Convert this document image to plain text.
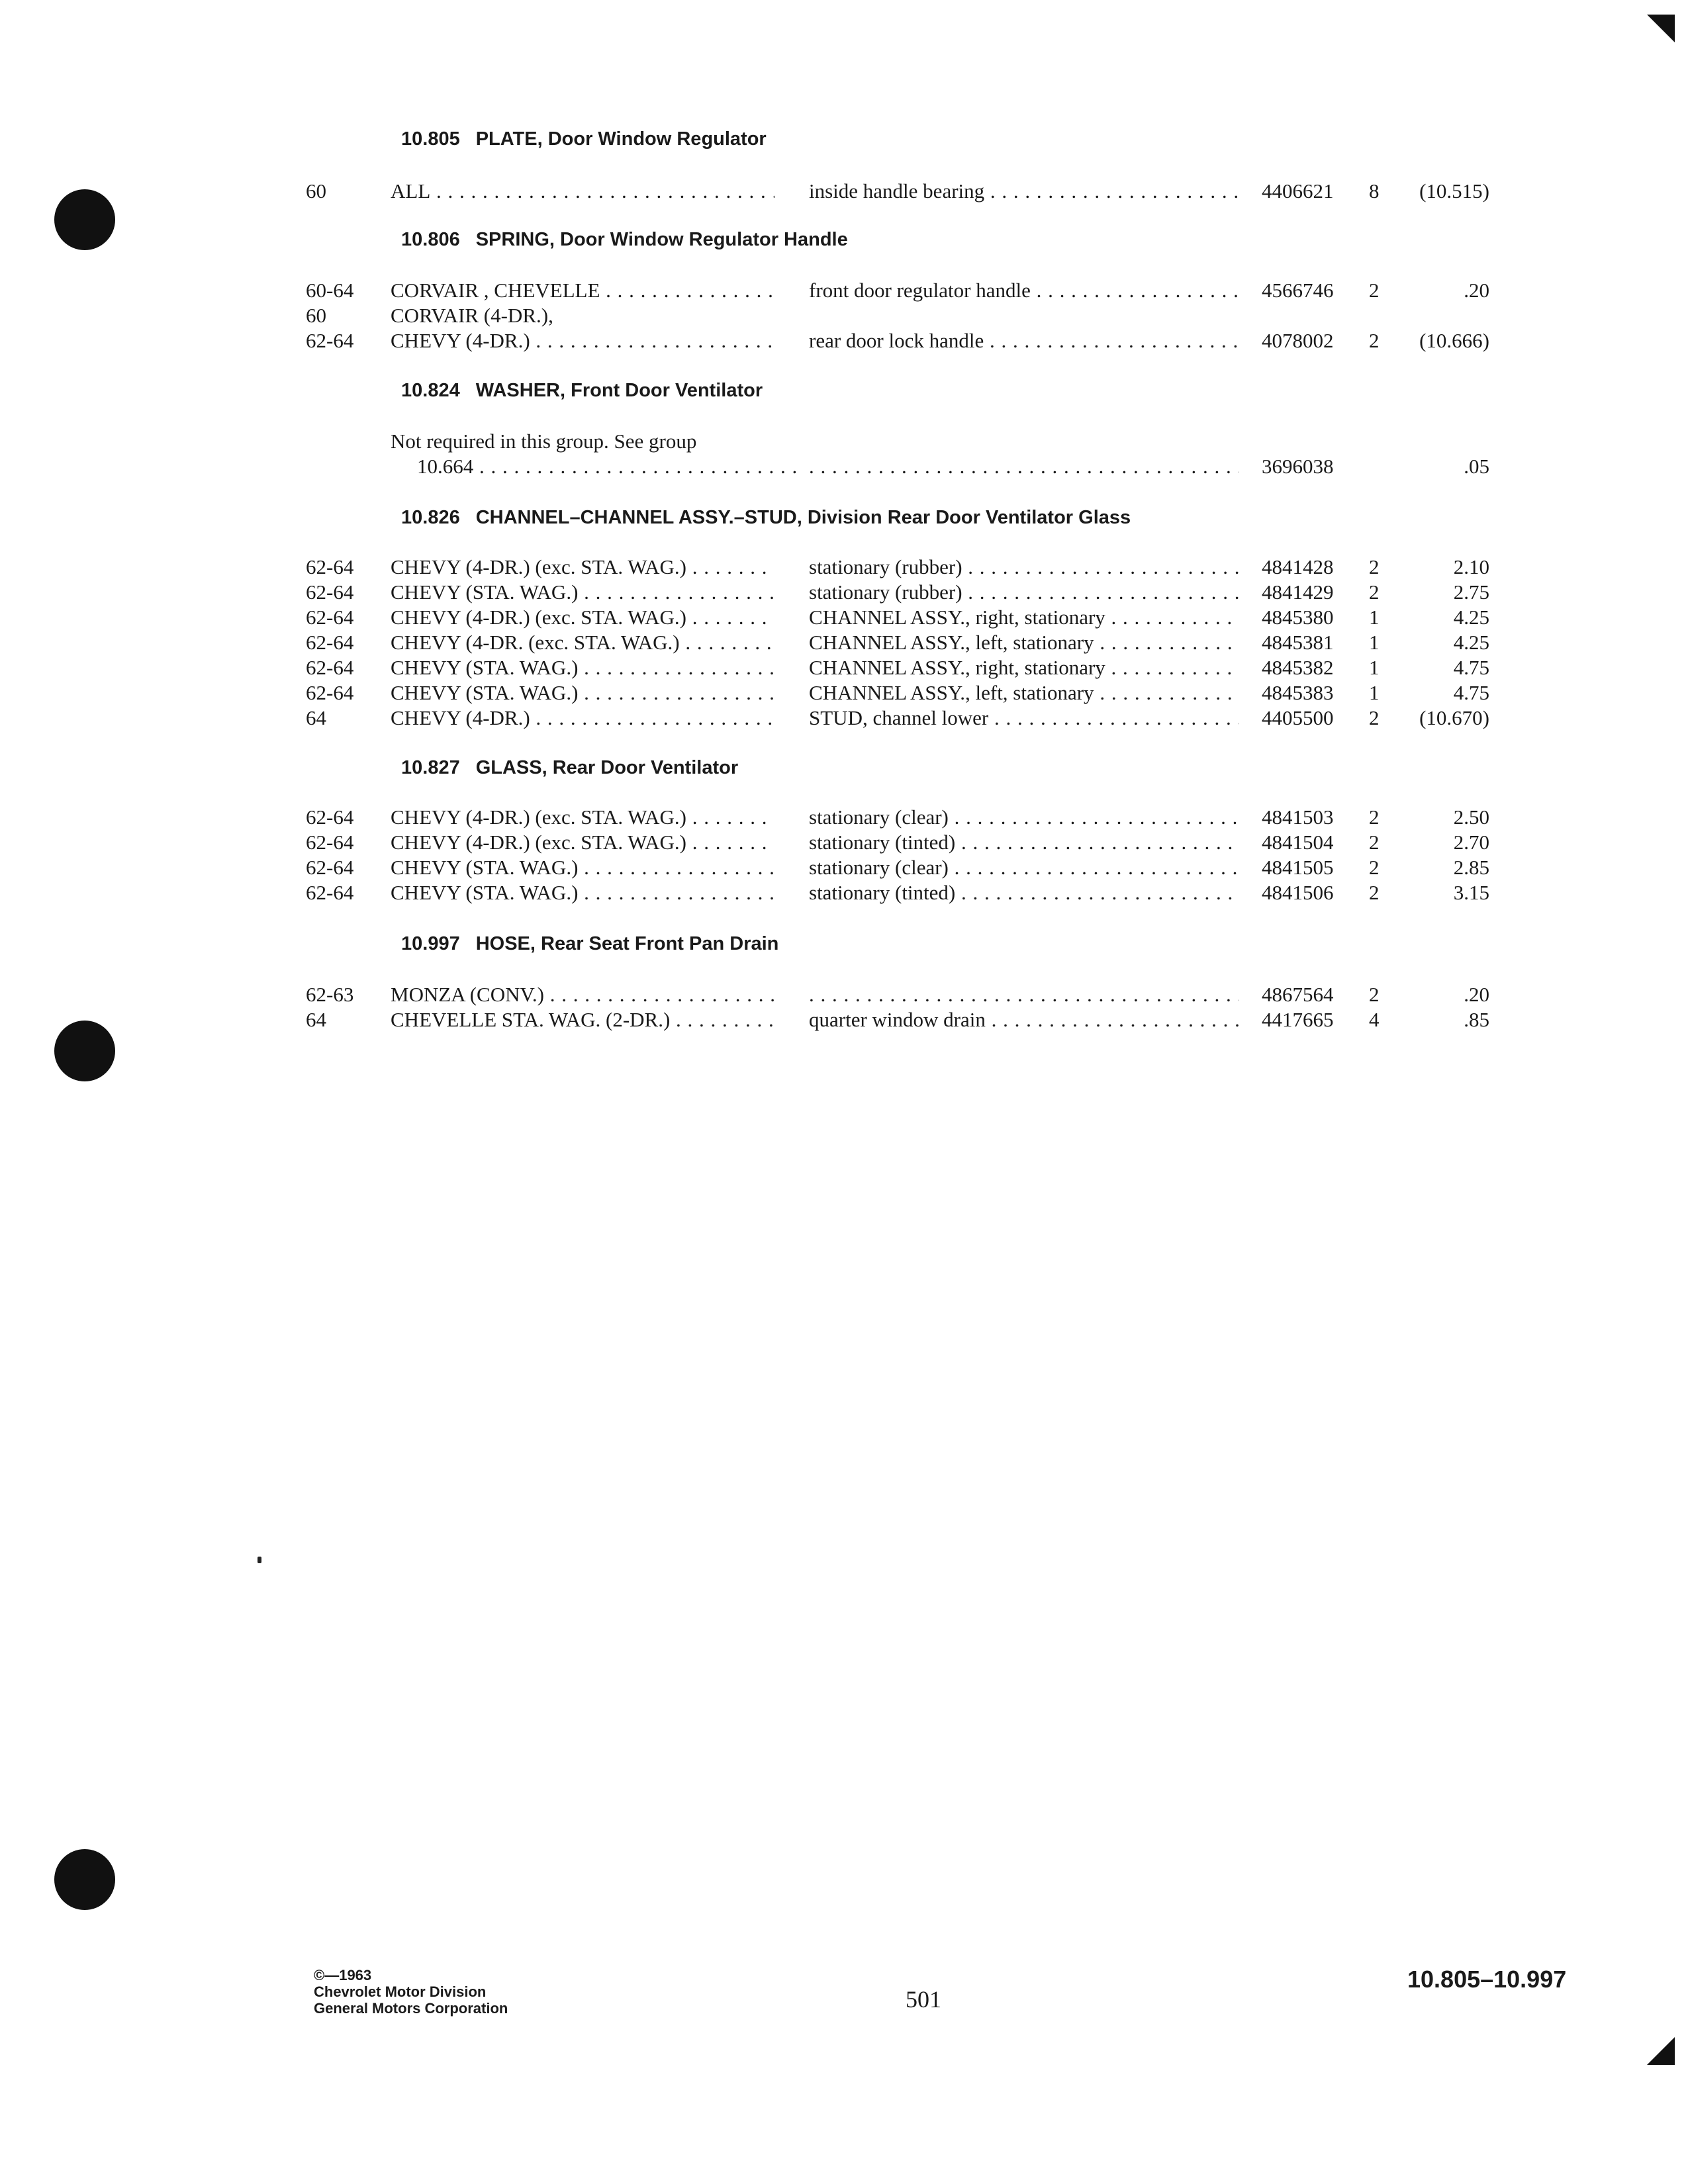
10.805 PLATE, Door Window Regulator
60	ALL . . .	inside handle bearing . . .	4406621	8	(10.515)
10.806 SPRING, Door Window Regulator Handle
60-64	CORVAIR , CHEVELLE . . .	front door regulator handle . . .	4566746	2	.20
60	CORVAIR (4-DR.),
62-64	CHEVY (4-DR.) . . .	rear door lock handle . . .	4078002	2	(10.666)
10.824 WASHER, Front Door Ventilator
Not required in this group. See group
10.664 . . . . . .	3696038	.05
10.826 CHANNEL–CHANNEL ASSY.–STUD, Division Rear Door Ventilator Glass
62-64	CHEVY (4-DR.) (exc. STA. WAG.) . . .	stationary (rubber) . . .	4841428	2	2.10
62-64	CHEVY (STA. WAG.) . . .	stationary (rubber) . . .	4841429	2	2.75
62-64	CHEVY (4-DR.) (exc. STA. WAG.) . . .	CHANNEL ASSY., right, stationary . . .	4845380	1	4.25
62-64	CHEVY (4-DR. (exc. STA. WAG.) . . .	CHANNEL ASSY., left, stationary . . .	4845381	1	4.25
62-64	CHEVY (STA. WAG.) . . .	CHANNEL ASSY., right, stationary . . .	4845382	1	4.75
62-64	CHEVY (STA. WAG.) . . .	CHANNEL ASSY., left, stationary . . .	4845383	1	4.75
64	CHEVY (4-DR.) . . .	STUD, channel lower . . .	4405500	2	(10.670)
10.827 GLASS, Rear Door Ventilator
62-64	CHEVY (4-DR.) (exc. STA. WAG.) . . .	stationary (clear) . . .	4841503	2	2.50
62-64	CHEVY (4-DR.) (exc. STA. WAG.) . . .	stationary (tinted) . . .	4841504	2	2.70
62-64	CHEVY (STA. WAG.) . . .	stationary (clear) . . .	4841505	2	2.85
62-64	CHEVY (STA. WAG.) . . .	stationary (tinted) . . .	4841506	2	3.15
10.997 HOSE, Rear Seat Front Pan Drain
62-63	MONZA (CONV.) . . . . . .	4867564	2	.20
64	CHEVELLE STA. WAG. (2-DR.) . . .	quarter window drain . . .	4417665	4	.85
©—1963
Chevrolet Motor Division
General Motors Corporation	501
10.805–10.997
